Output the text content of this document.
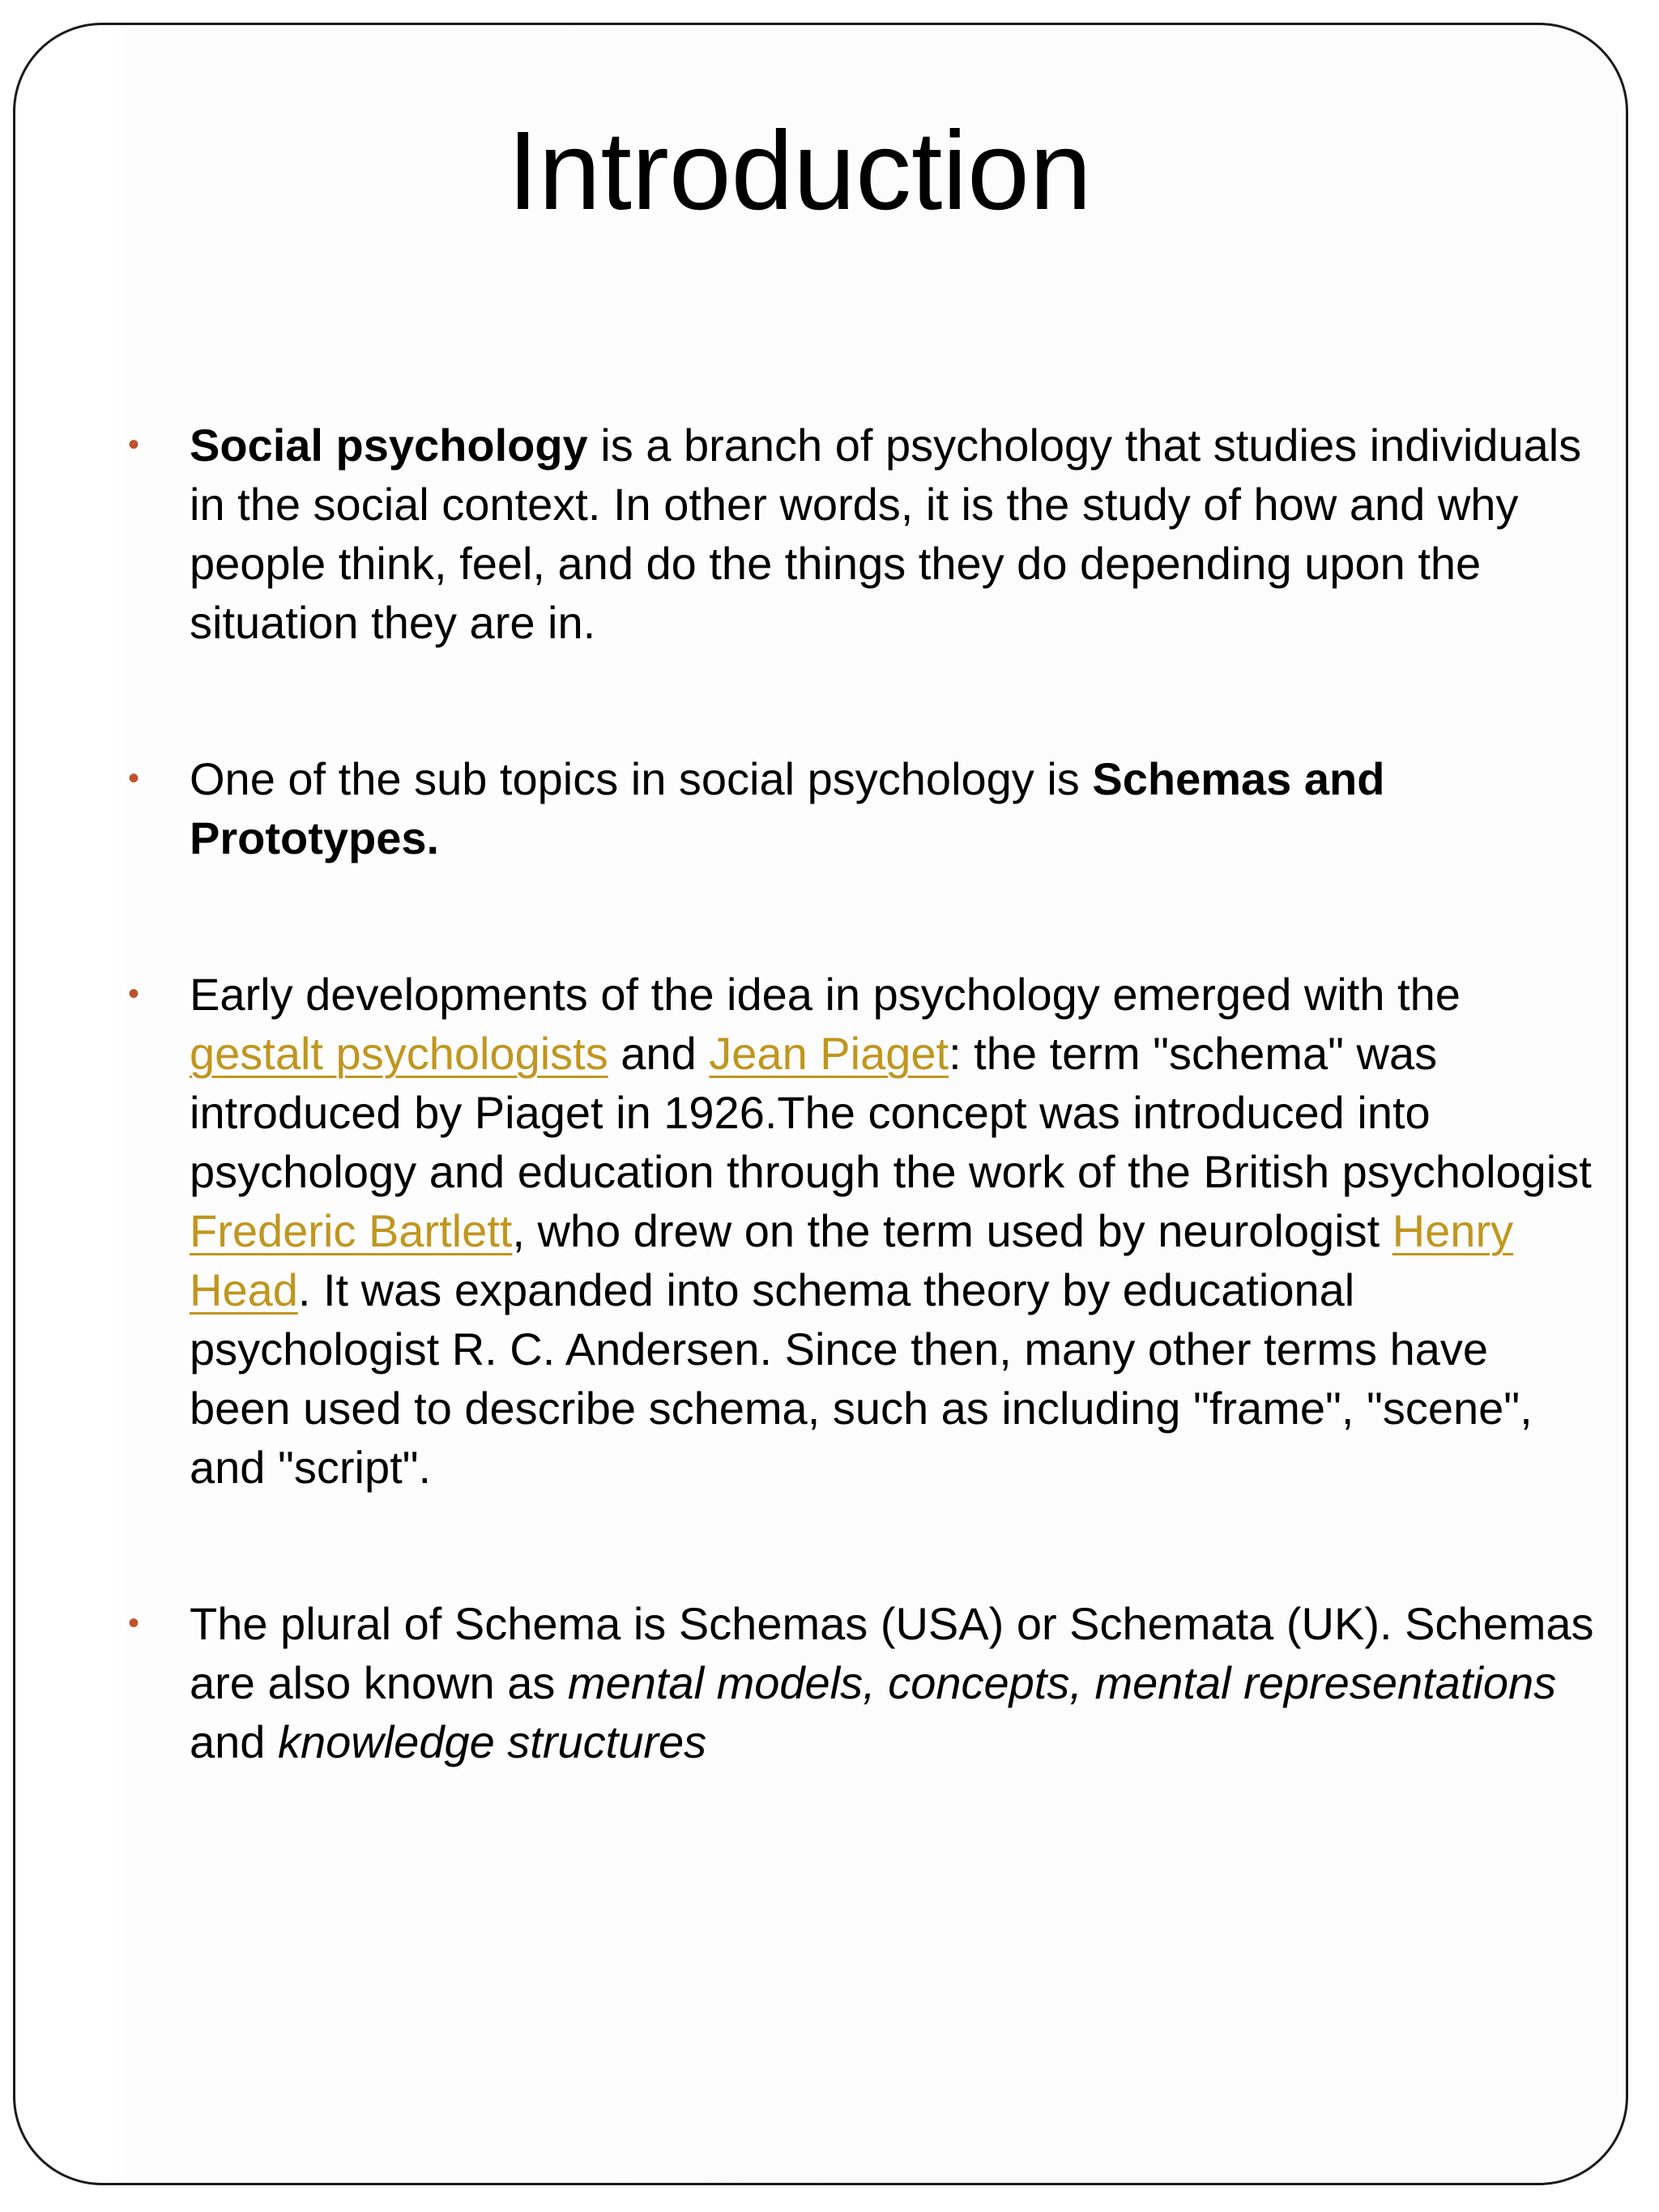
Introduction
• Social psychology is a branch of psychology that studies individuals in the social context. In other words, it is the study of how and why people think, feel, and do the things they do depending upon the situation they are in.
• One of the sub topics in social psychology is Schemas and Prototypes.
• Early developments of the idea in psychology emerged with the gestalt psychologists and Jean Piaget: the term "schema" was introduced by Piaget in 1926.The concept was introduced into psychology and education through the work of the British psychologist Frederic Bartlett, who drew on the term used by neurologist Henry Head. It was expanded into schema theory by educational psychologist R. C. Andersen. Since then, many other terms have been used to describe schema, such as including "frame", "scene", and "script".
• The plural of Schema is Schemas (USA) or Schemata (UK). Schemas are also known as mental models, concepts, mental representations and knowledge structures
